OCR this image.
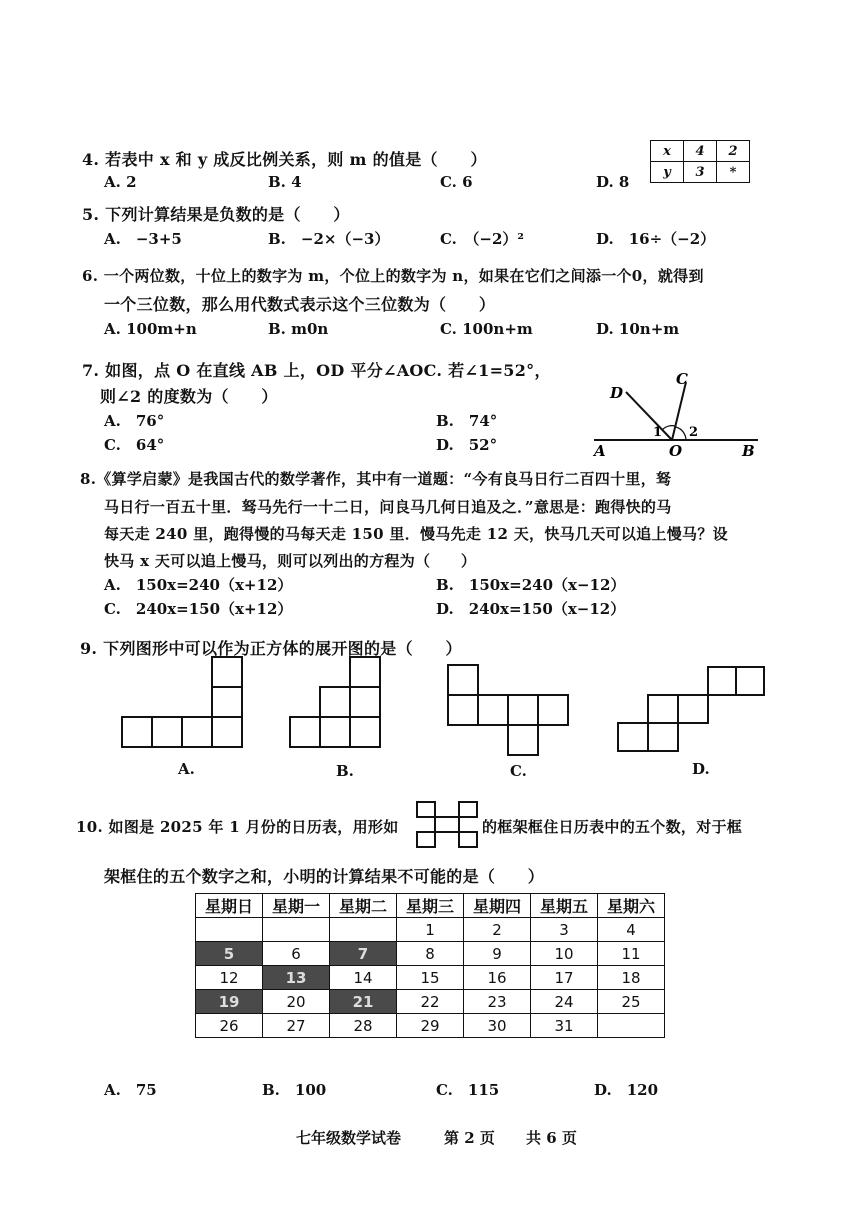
4. 若表中 x 和 y 成反比例关系，则 m 的值是（　　）
A. 2	B. 4	C. 6	D. 8
x	4	2
y	3	*
5. 下列计算结果是负数的是（　　）
A.　−3+5	B.　−2×（−3）	C.　（−2）²	D.　16÷（−2）
6. 一个两位数，十位上的数字为 m，个位上的数字为 n，如果在它们之间添一个0，就得到
一个三位数，那么用代数式表示这个三位数为（　　）
A. 100m+n	B. m0n	C. 100n+m	D. 10n+m
7. 如图，点 O 在直线 AB 上，OD 平分∠AOC. 若∠1=52°，
则∠2 的度数为（　　）
A.　76°	B.　74°
C.　64°	D.　52°
D
C
A	O	B
1 2
8.《算学启蒙》是我国古代的数学著作，其中有一道题：“今有良马日行二百四十里，驽
马日行一百五十里．驽马先行一十二日，问良马几何日追及之．”意思是：跑得快的马
每天走 240 里，跑得慢的马每天走 150 里．慢马先走 12 天，快马几天可以追上慢马？设
快马 x 天可以追上慢马，则可以列出的方程为（　　）
A.　150x=240（x+12）	B.　150x=240（x−12）
C.　240x=150（x+12）	D.　240x=150（x−12）
9. 下列图形中可以作为正方体的展开图的是（　　）
A.	B.	C.	D.
10. 如图是 2025 年 1 月份的日历表，用形如	的框架框住日历表中的五个数，对于框
架框住的五个数字之和，小明的计算结果不可能的是（　　）
星期日	星期一	星期二	星期三	星期四	星期五	星期六
			1	2	3	4
5	6	7	8	9	10	11
12	13	14	15	16	17	18
19	20	21	22	23	24	25
26	27	28	29	30	31	
A.　75	B.　100	C.　115	D.　120
七年级数学试卷	第 2 页 共 6 页
